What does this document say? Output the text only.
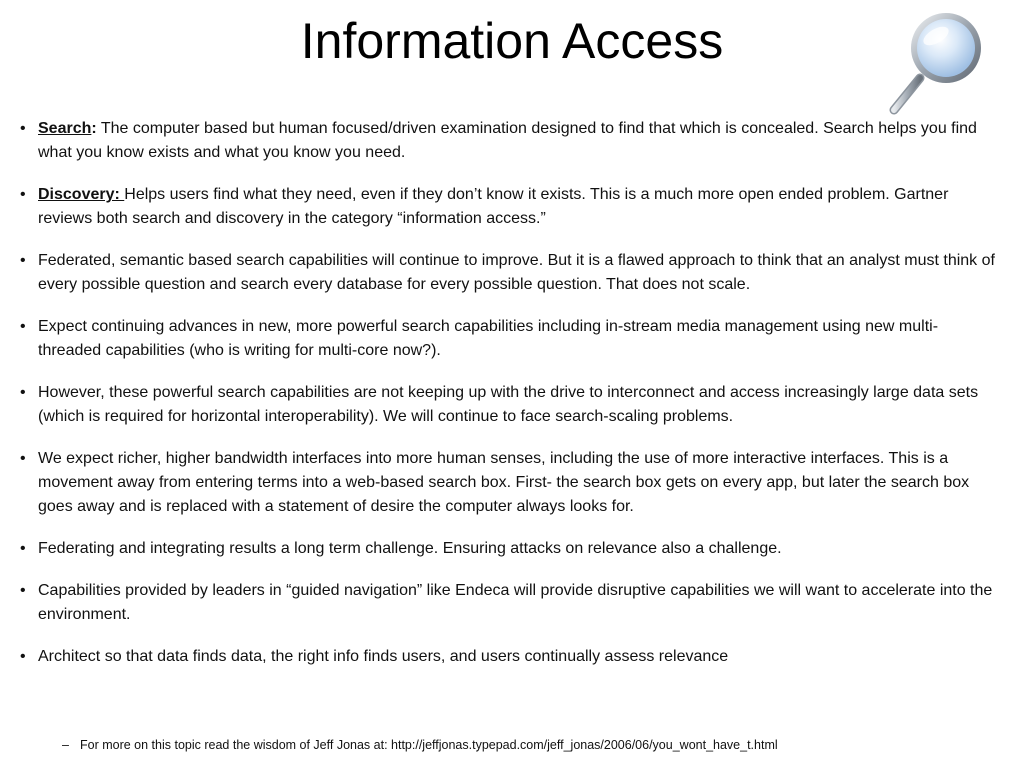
Information Access
• Search: The computer based but human focused/driven examination designed to find that which is concealed. Search helps you find what you know exists and what you know you need.
• Discovery: Helps users find what they need, even if they don’t know it exists. This is a much more open ended problem. Gartner reviews both search and discovery in the category “information access.”
• Federated, semantic based search capabilities will continue to improve. But it is a flawed approach to think that an analyst must think of every possible question and search every database for every possible question. That does not scale.
• Expect continuing advances in new, more powerful search capabilities including in-stream media management using new multi-threaded capabilities (who is writing for multi-core now?).
• However, these powerful search capabilities are not keeping up with the drive to interconnect and access increasingly large data sets (which is required for horizontal interoperability). We will continue to face search-scaling problems.
• We expect richer, higher bandwidth interfaces into more human senses, including the use of more interactive interfaces. This is a movement away from entering terms into a web-based search box. First- the search box gets on every app, but later the search box goes away and is replaced with a statement of desire the computer always looks for.
• Federating and integrating results a long term challenge. Ensuring attacks on relevance also a challenge.
• Capabilities provided by leaders in “guided navigation” like Endeca will provide disruptive capabilities we will want to accelerate into the environment.
• Architect so that data finds data, the right info finds users, and users continually assess relevance
– For more on this topic read the wisdom of Jeff Jonas at: http://jeffjonas.typepad.com/jeff_jonas/2006/06/you_wont_have_t.html
